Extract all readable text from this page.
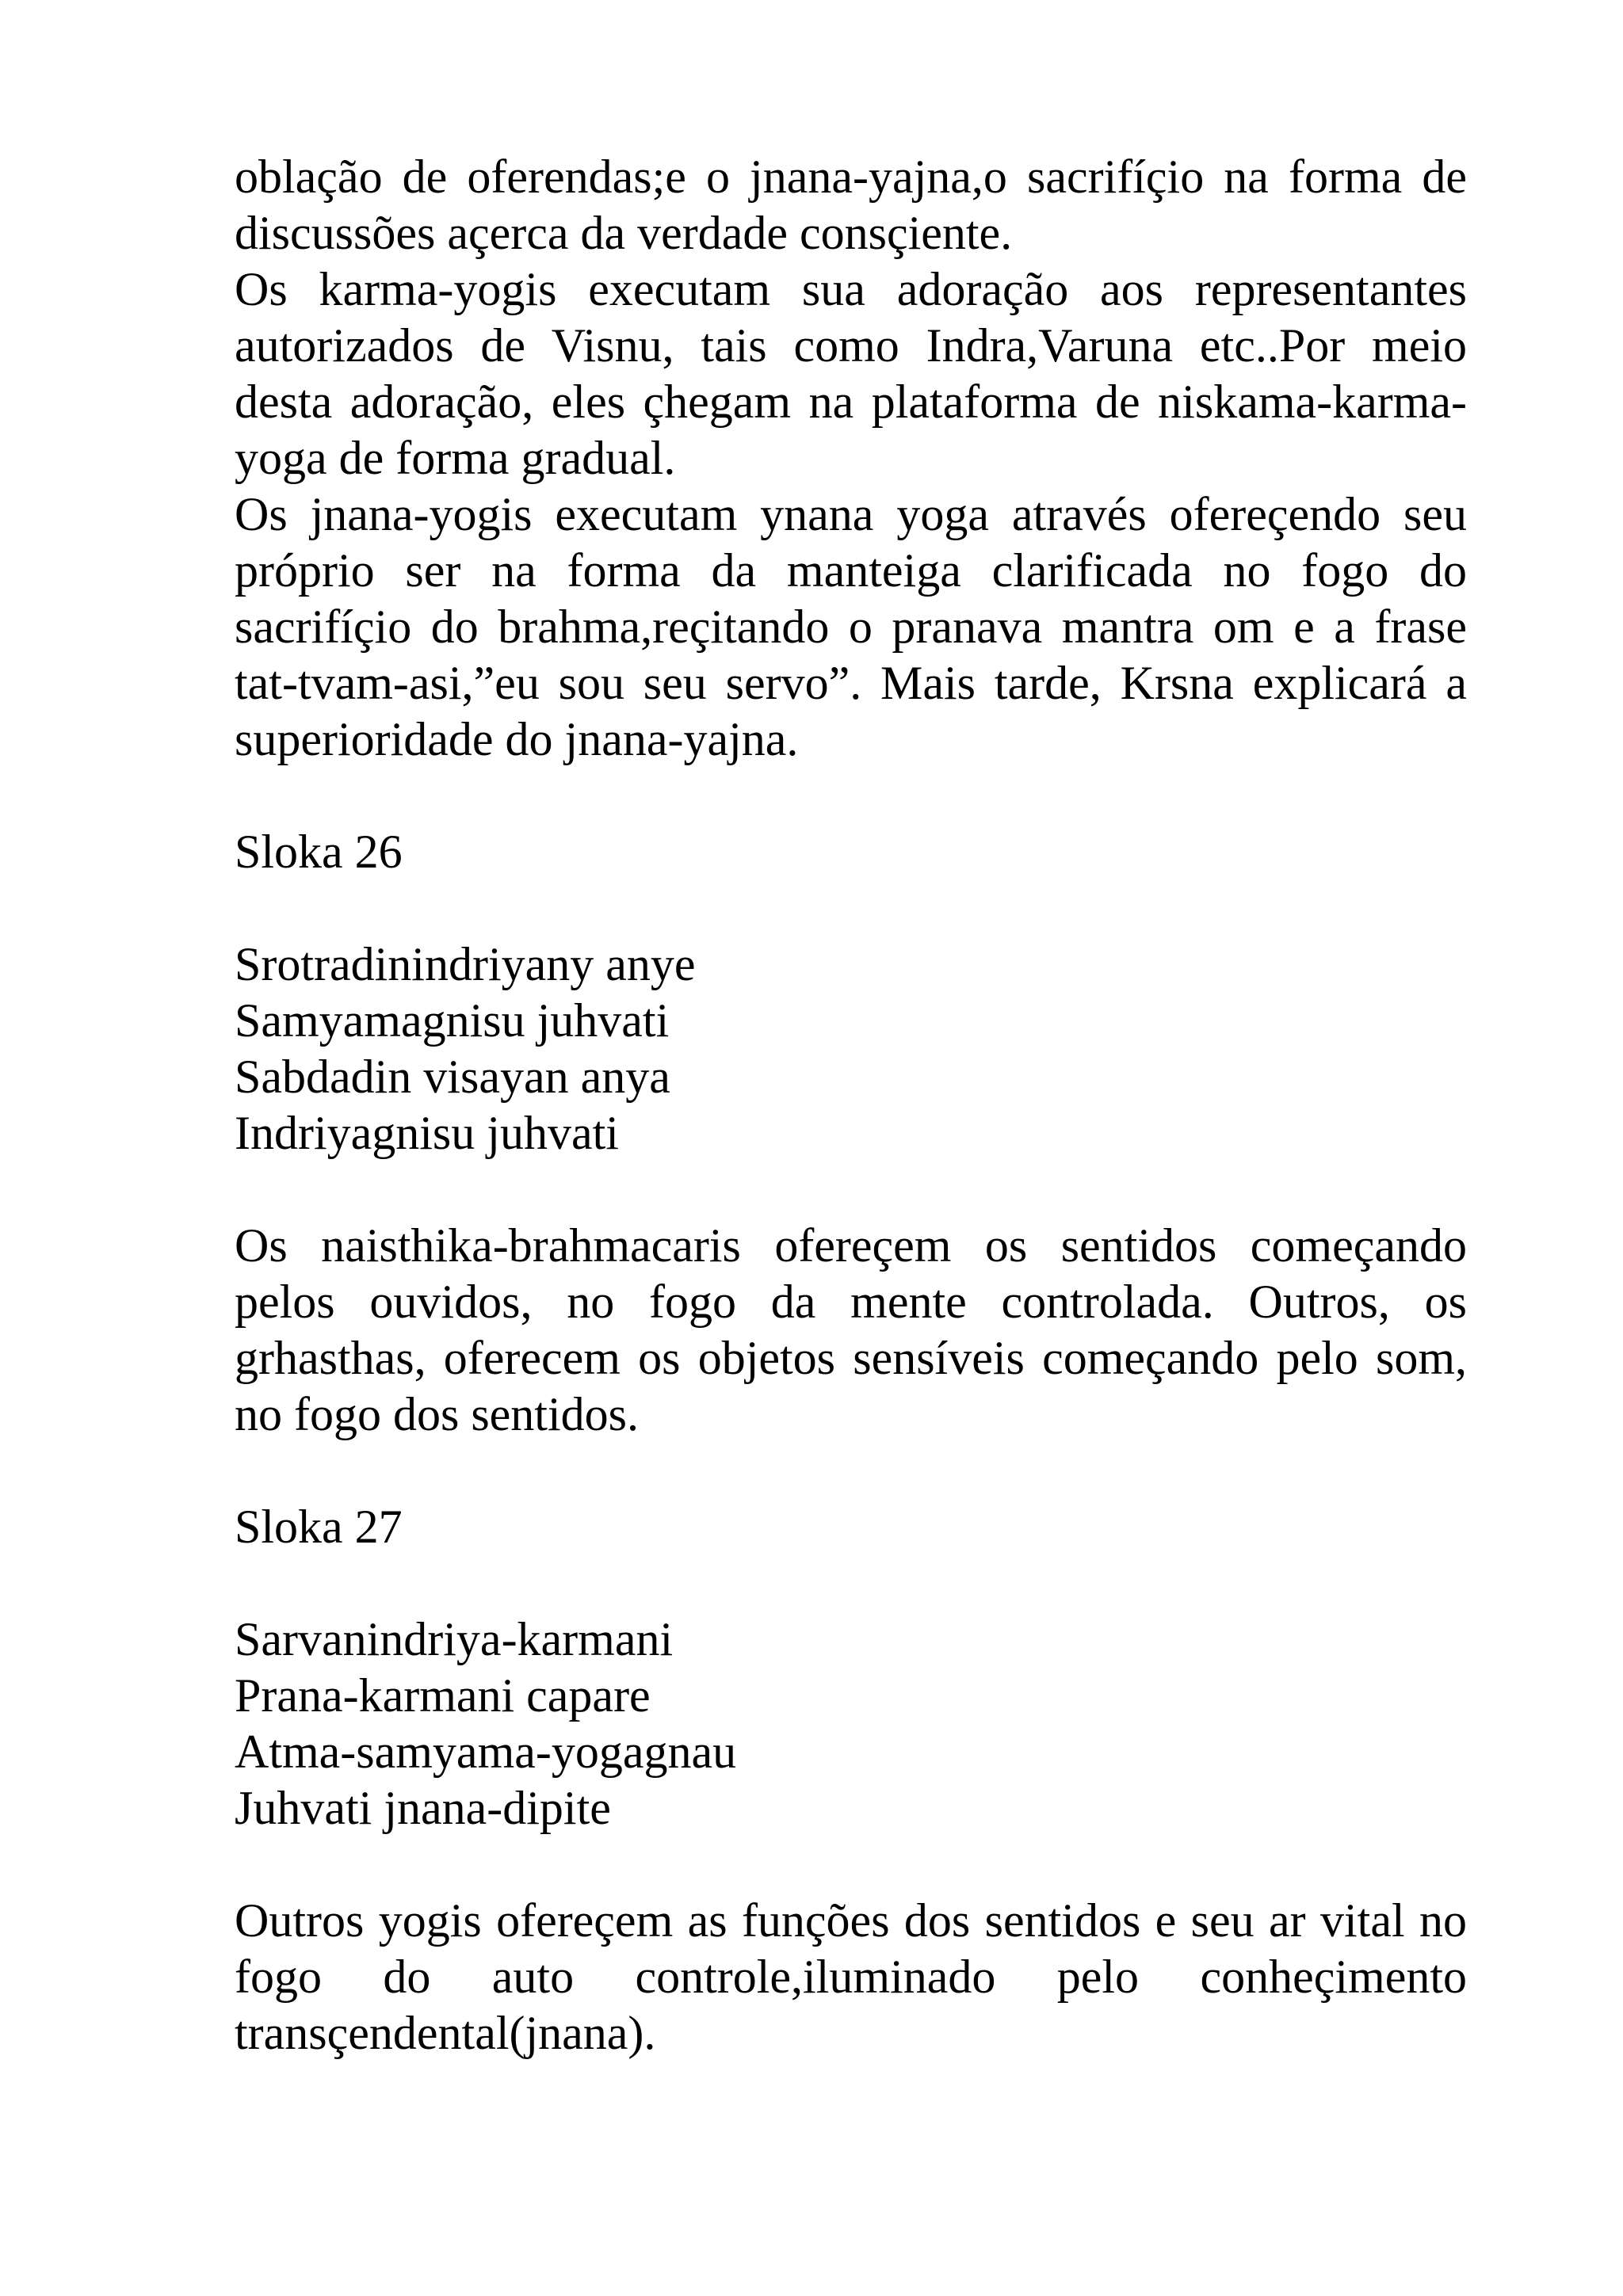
oblação de oferendas;e o jnana-yajna,o sacrifíçio na forma de discussões açerca da verdade consçiente.

Os karma-yogis executam sua adoração aos representantes autorizados de Visnu, tais como Indra,Varuna etc..Por meio desta adoração, eles çhegam na plataforma de niskama-karma-yoga de forma gradual.

Os jnana-yogis executam ynana yoga através ofereçendo seu próprio ser na forma da manteiga clarificada no fogo do sacrifíçio do brahma,reçitando o pranava mantra om e a frase tat-tvam-asi,”eu sou seu servo”. Mais tarde, Krsna explicará a superioridade do jnana-yajna.

Sloka 26

Srotradinindriyany anye
Samyamagnisu juhvati
Sabdadin visayan anya
Indriyagnisu juhvati

Os naisthika-brahmacaris ofereçem os sentidos começando pelos ouvidos, no fogo da mente controlada. Outros, os grhasthas, oferecem os objetos sensíveis começando pelo som, no fogo dos sentidos.

Sloka 27

Sarvanindriya-karmani
Prana-karmani capare
Atma-samyama-yogagnau
Juhvati jnana-dipite

Outros yogis ofereçem as funções dos sentidos e seu ar vital no fogo do auto controle,iluminado pelo conheçimento transçendental(jnana).
